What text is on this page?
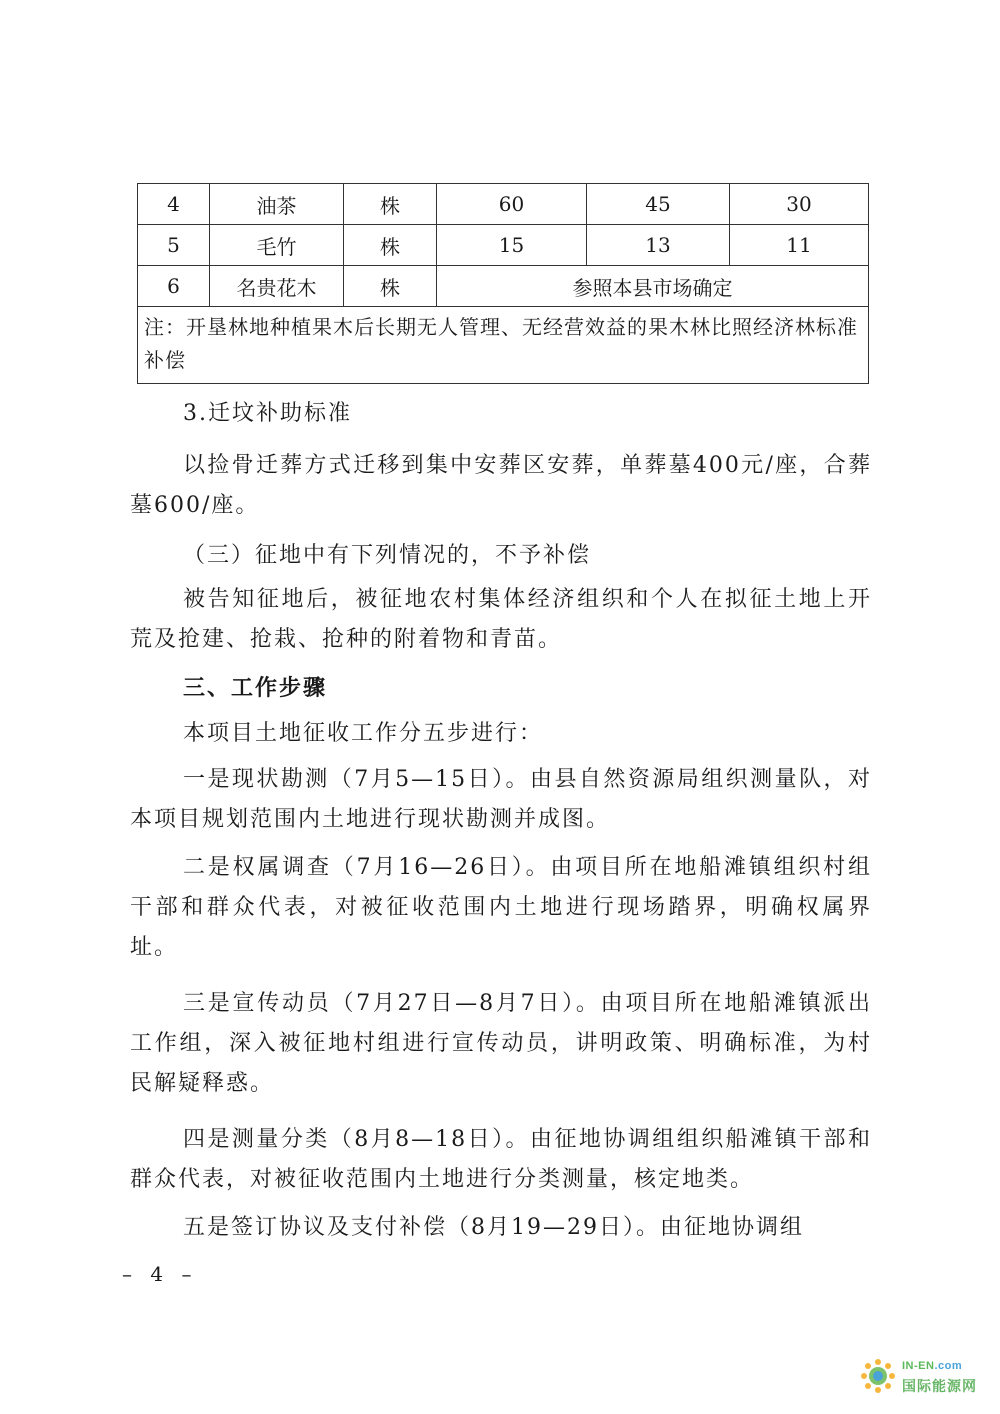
4	油茶	株	60	45	30
5	毛竹	株	15	13	11
6	名贵花木	株	参照本县市场确定		
注：开垦林地种植果木后长期无人管理、无经营效益的果木林比照经济林标准补偿					
3.迁坟补助标准
以捡骨迁葬方式迁移到集中安葬区安葬，单葬墓400元/座，合葬墓600/座。
（三）征地中有下列情况的，不予补偿
被告知征地后，被征地农村集体经济组织和个人在拟征土地上开荒及抢建、抢栽、抢种的附着物和青苗。
三、工作步骤
本项目土地征收工作分五步进行：
一是现状勘测（7月5—15日）。由县自然资源局组织测量队，对本项目规划范围内土地进行现状勘测并成图。
二是权属调查（7月16—26日）。由项目所在地船滩镇组织村组干部和群众代表，对被征收范围内土地进行现场踏界，明确权属界址。
三是宣传动员（7月27日—8月7日）。由项目所在地船滩镇派出工作组，深入被征地村组进行宣传动员，讲明政策、明确标准，为村民解疑释惑。
四是测量分类（8月8—18日）。由征地协调组组织船滩镇干部和群众代表，对被征收范围内土地进行分类测量，核定地类。
五是签订协议及支付补偿（8月19—29日）。由征地协调组
– 4 –
IN-EN.com
国际能源网
